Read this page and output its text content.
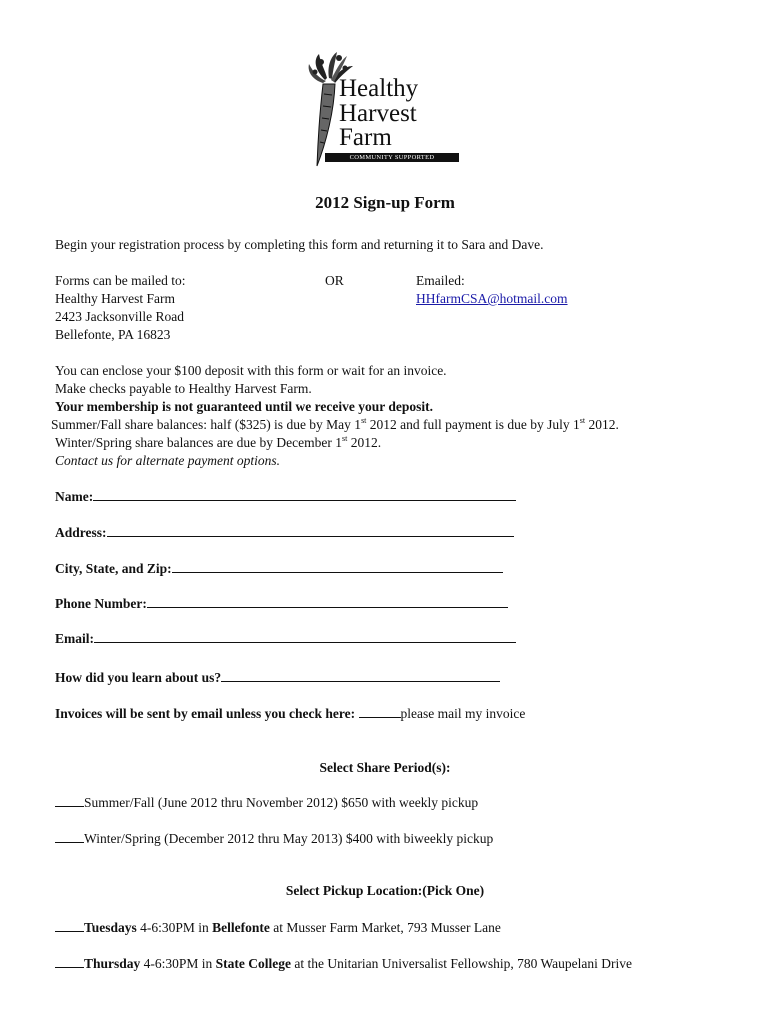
Healthy
Harvest
Farm
COMMUNITY SUPPORTED AGRICULTURE
2012 Sign-up Form
Begin your registration process by completing this form and returning it to Sara and Dave.
Forms can be mailed to:
Healthy Harvest Farm
2423 Jacksonville Road
Bellefonte, PA 16823
OR	Emailed:
HHfarmCSA@hotmail.com
You can enclose your $100 deposit with this form or wait for an invoice.
Make checks payable to Healthy Harvest Farm.
Your membership is not guaranteed until we receive your deposit.
Summer/Fall share balances: half ($325) is due by May 1st 2012 and full payment is due by July 1st 2012.
Winter/Spring share balances are due by December 1st 2012.
Contact us for alternate payment options.
Name:
Address:
City, State, and Zip:
Phone Number:
Email:
How did you learn about us?
Invoices will be sent by email unless you check here:	please mail my invoice
Select Share Period(s):
Summer/Fall (June 2012 thru November 2012) $650 with weekly pickup
Winter/Spring (December 2012 thru May 2013) $400 with biweekly pickup
Select Pickup Location:(Pick One)
Tuesdays 4-6:30PM in Bellefonte at Musser Farm Market, 793 Musser Lane
Thursday 4-6:30PM in State College at the Unitarian Universalist Fellowship, 780 Waupelani Drive
